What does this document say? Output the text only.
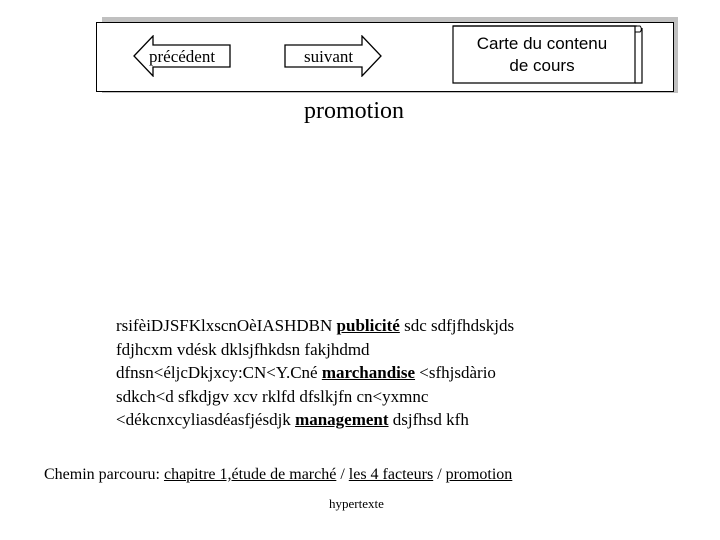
précédent	suivant
Carte du contenu
de cours
promotion
rsifèiDJSFKlxscnOèIASHDBN publicité sdc sdfjfhdskjds
fdjhcxm vdésk dklsjfhkdsn fakjhdmd
dfnsn<éljcDkjxcy:CN<Y.Cné marchandise <sfhjsdàrio
sdkch<d sfkdjgv xcv rklfd dfslkjfn cn<yxmnc
<dékcnxcyliasdéasfjésdjk management dsjfhsd kfh
Chemin parcouru: chapitre 1,étude de marché / les 4 facteurs / promotion
hypertexte
